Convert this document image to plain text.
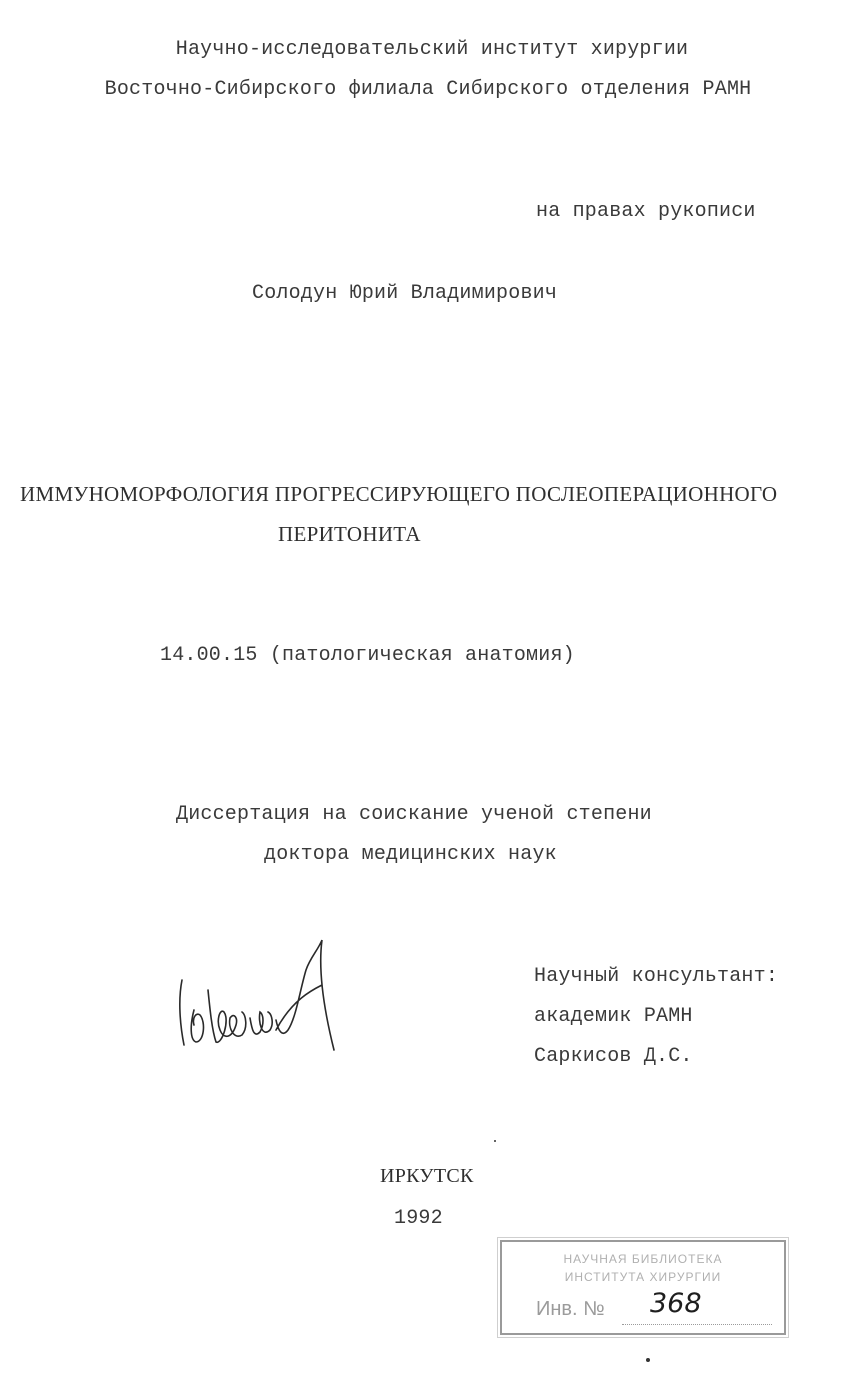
Научно-исследовательский институт хирургии
Восточно-Сибирского филиала Сибирского отделения РАМН
на правах рукописи
Солодун Юрий Владимирович
ИММУНОМОРФОЛОГИЯ ПРОГРЕССИРУЮЩЕГО ПОСЛЕОПЕРАЦИОННОГО
ПЕРИТОНИТА
14.00.15 (патологическая анатомия)
Диссертация на соискание ученой степени
доктора медицинских наук
Научный консультант:
академик РАМН
Саркисов Д.С.
ИРКУТСК
1992
НАУЧНАЯ БИБЛИОТЕКА
ИНСТИТУТА ХИРУРГИИ
Инв. № 368
